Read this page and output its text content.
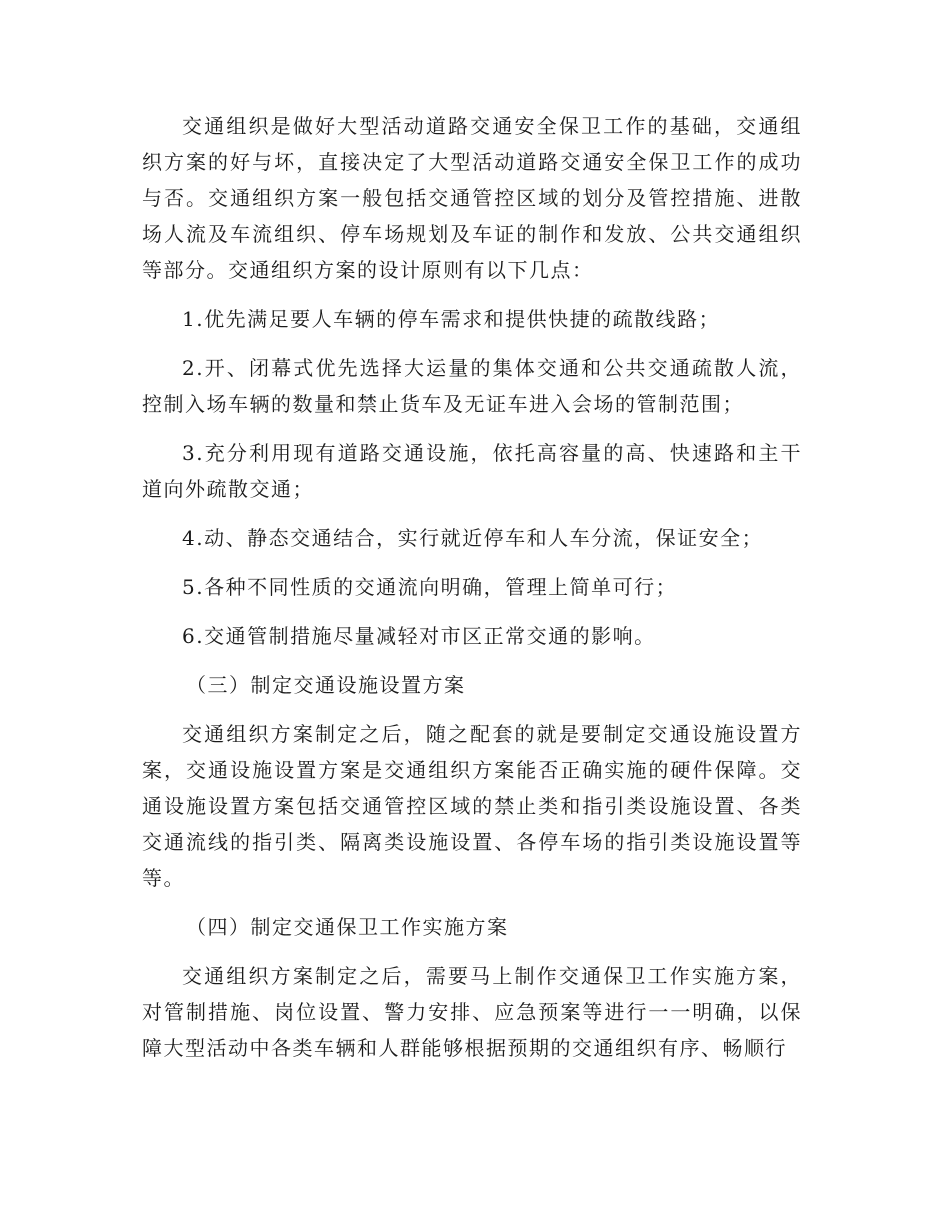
交通组织是做好大型活动道路交通安全保卫工作的基础，交通组织方案的好与坏，直接决定了大型活动道路交通安全保卫工作的成功与否。交通组织方案一般包括交通管控区域的划分及管控措施、进散场人流及车流组织、停车场规划及车证的制作和发放、公共交通组织等部分。交通组织方案的设计原则有以下几点：

1.优先满足要人车辆的停车需求和提供快捷的疏散线路；

2.开、闭幕式优先选择大运量的集体交通和公共交通疏散人流，控制入场车辆的数量和禁止货车及无证车进入会场的管制范围；

3.充分利用现有道路交通设施，依托高容量的高、快速路和主干道向外疏散交通；

4.动、静态交通结合，实行就近停车和人车分流，保证安全；

5.各种不同性质的交通流向明确，管理上简单可行；

6.交通管制措施尽量减轻对市区正常交通的影响。

（三）制定交通设施设置方案

交通组织方案制定之后，随之配套的就是要制定交通设施设置方案，交通设施设置方案是交通组织方案能否正确实施的硬件保障。交通设施设置方案包括交通管控区域的禁止类和指引类设施设置、各类交通流线的指引类、隔离类设施设置、各停车场的指引类设施设置等等。

（四）制定交通保卫工作实施方案

交通组织方案制定之后，需要马上制作交通保卫工作实施方案，对管制措施、岗位设置、警力安排、应急预案等进行一一明确，以保障大型活动中各类车辆和人群能够根据预期的交通组织有序、畅顺行
